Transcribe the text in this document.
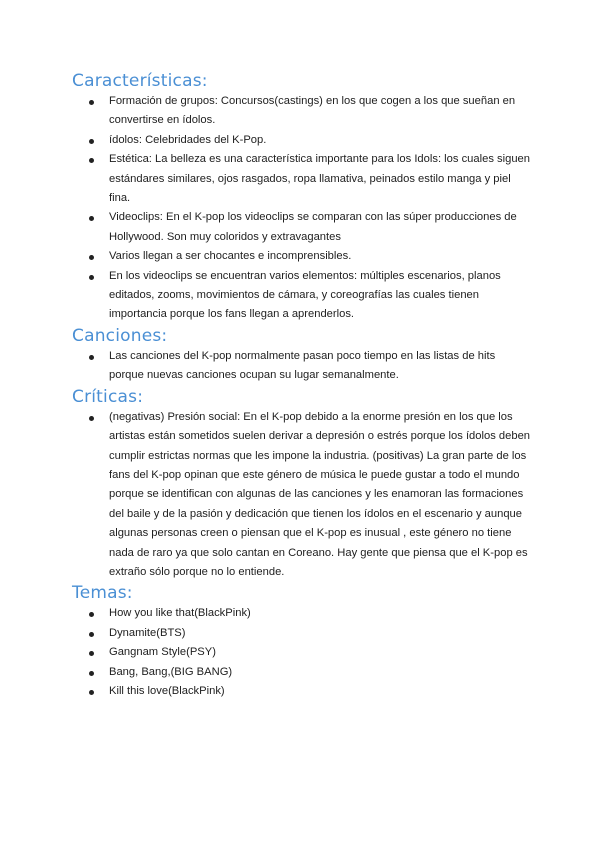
Características:
Formación de grupos: Concursos(castings) en los que cogen a los que sueñan en convertirse en ídolos.
ídolos: Celebridades del K-Pop.
Estética: La belleza es una característica importante para los Idols: los cuales siguen estándares similares, ojos rasgados, ropa llamativa, peinados estilo manga y piel fina.
Videoclips: En el K-pop los videoclips se comparan con las súper producciones de Hollywood. Son muy coloridos y extravagantes
Varios llegan a ser chocantes e incomprensibles.
En los videoclips se encuentran varios elementos: múltiples escenarios, planos editados, zooms, movimientos de cámara, y coreografías las cuales tienen importancia porque los fans llegan a aprenderlos.
Canciones:
Las canciones del K-pop normalmente pasan poco tiempo en las listas de hits porque nuevas canciones ocupan su lugar semanalmente.
Críticas:
(negativas) Presión social: En el K-pop debido a la enorme presión en los que los artistas están sometidos suelen derivar a depresión o estrés porque los ídolos deben cumplir estrictas normas que les impone la industria. (positivas) La gran parte de los fans del K-pop opinan que este género de música le puede gustar a todo el mundo porque se identifican con algunas de las canciones y les enamoran las formaciones del baile y de la pasión y dedicación que tienen los ídolos en el escenario y aunque algunas personas creen o piensan que el K-pop es inusual , este género no tiene nada de raro ya que solo cantan en Coreano. Hay gente que piensa que el K-pop es extraño sólo porque no lo entiende.
Temas:
How you like that(BlackPink)
Dynamite(BTS)
Gangnam Style(PSY)
Bang, Bang,(BIG BANG)
Kill this love(BlackPink)
